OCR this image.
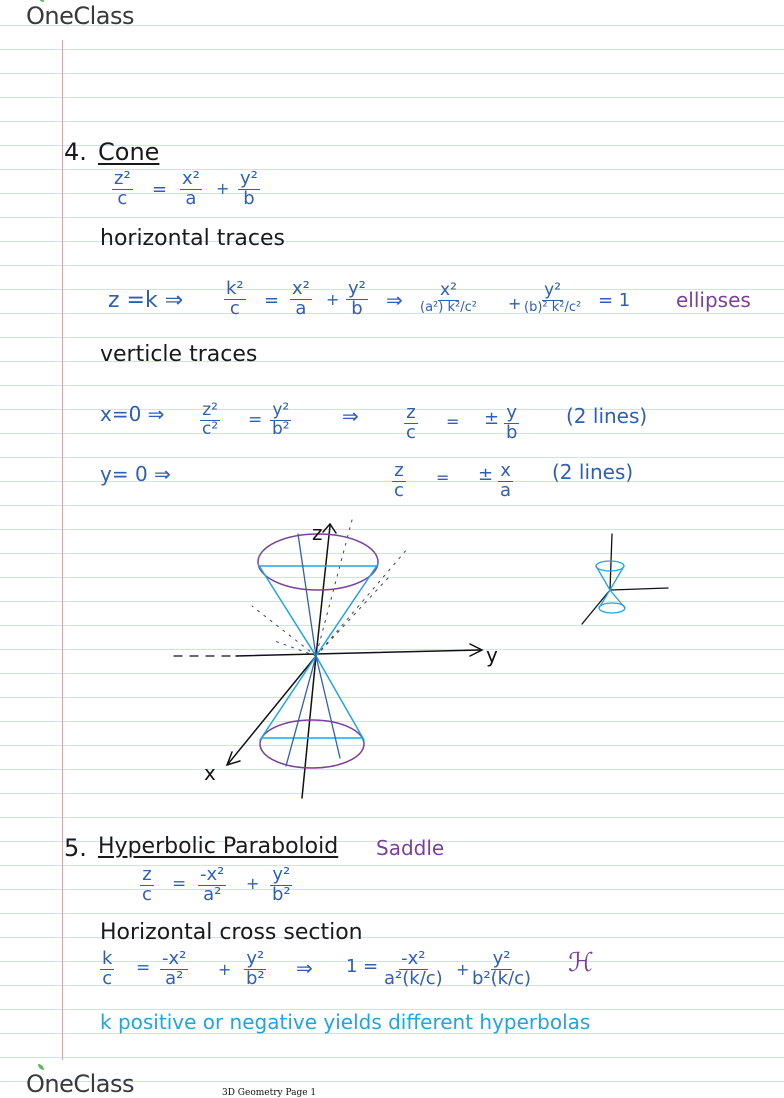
OneClass
4. Cone
$\frac{\text{z²}}{c} = \frac{\text{x²}}{a} + \frac{\text{y²}}{b}$
horizontal traces
z =k ⇒ $\frac{\text{k²}}{c} = \frac{\text{x²}}{a} + \frac{\text{y²}}{b}$ ⇒ x²
(a²) k²/c² +
y²
(b)² k²/c² = 1 ellipses
verticle traces
x=0 ⇒ $\frac{\text{z²}}{\text{c²}} = \frac{\text{y²}}{\text{b²}}$	⇒	$\frac{z}{c}$ = ± $\frac{y}{b} (2$ lines)
y= 0 ⇒	$\frac{z}{c}$ = ± $\frac{x}{a} (2$ lines)
z
y
x
5. Hyperbolic Paraboloid Saddle
$\frac{z}{c} = \frac{\text{-x²}}{\text{a²}} + \frac{\text{y²}}{\text{b²}}$
Horizontal cross section
$\frac{k}{c} = \frac{\text{-x²}}{\text{a²}} + \frac{\text{y²}}{\text{b²}}$ ⇒ $1 = \frac{\text{-x²}}{\text{a²(k/c)}} + \frac{\text{y²}}{\text{b²(k/c)}}$ ℋ
k positive or negative yields different hyperbolas
OneClass	3D Geometry Page 1
